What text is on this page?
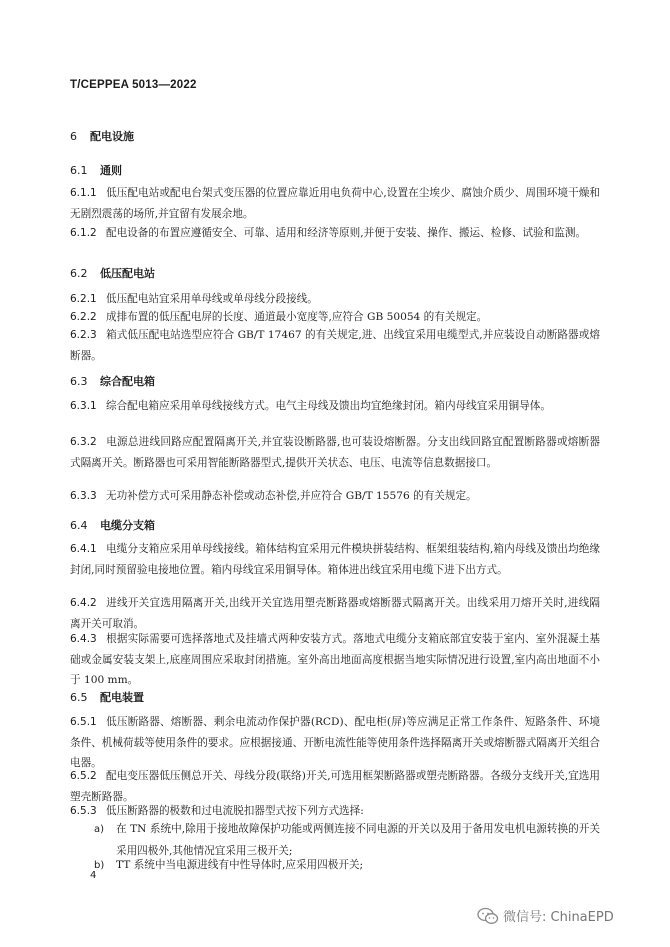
T/CEPPEA 5013—2022
6 配电设施
6.1 通则
6.1.1 低压配电站或配电台架式变压器的位置应靠近用电负荷中心,设置在尘埃少、腐蚀介质少、周围环境干燥和无剧烈震荡的场所,并宜留有发展余地。
6.1.2 配电设备的布置应遵循安全、可靠、适用和经济等原则,并便于安装、操作、搬运、检修、试验和监测。
6.2 低压配电站
6.2.1 低压配电站宜采用单母线或单母线分段接线。
6.2.2 成排布置的低压配电屏的长度、通道最小宽度等,应符合 GB 50054 的有关规定。
6.2.3 箱式低压配电站选型应符合 GB/T 17467 的有关规定,进、出线宜采用电缆型式,并应装设自动断路器或熔断器。
6.3 综合配电箱
6.3.1 综合配电箱应采用单母线接线方式。电气主母线及馈出均宜绝缘封闭。箱内母线宜采用铜导体。
6.3.2 电源总进线回路应配置隔离开关,并宜装设断路器,也可装设熔断器。分支出线回路宜配置断路器或熔断器式隔离开关。断路器也可采用智能断路器型式,提供开关状态、电压、电流等信息数据接口。
6.3.3 无功补偿方式可采用静态补偿或动态补偿,并应符合 GB/T 15576 的有关规定。
6.4 电缆分支箱
6.4.1 电缆分支箱应采用单母线接线。箱体结构宜采用元件模块拼装结构、框架组装结构,箱内母线及馈出均绝缘封闭,同时预留验电接地位置。箱内母线宜采用铜导体。箱体进出线宜采用电缆下进下出方式。
6.4.2 进线开关宜选用隔离开关,出线开关宜选用塑壳断路器或熔断器式隔离开关。出线采用刀熔开关时,进线隔离开关可取消。
6.4.3 根据实际需要可选择落地式及挂墙式两种安装方式。落地式电缆分支箱底部宜安装于室内、室外混凝土基础或金属安装支架上,底座周围应采取封闭措施。室外高出地面高度根据当地实际情况进行设置,室内高出地面不小于 100 mm。
6.5 配电装置
6.5.1 低压断路器、熔断器、剩余电流动作保护器(RCD)、配电柜(屏)等应满足正常工作条件、短路条件、环境条件、机械荷载等使用条件的要求。应根据接通、开断电流性能等使用条件选择隔离开关或熔断器式隔离开关组合电器。
6.5.2 配电变压器低压侧总开关、母线分段(联络)开关,可选用框架断路器或塑壳断路器。各级分支线开关,宜选用塑壳断路器。
6.5.3 低压断路器的极数和过电流脱扣器型式按下列方式选择:
a) 在 TN 系统中,除用于接地故障保护功能或两侧连接不同电源的开关以及用于备用发电机电源转换的开关采用四极外,其他情况宜采用三极开关;
b) TT 系统中当电源进线有中性导体时,应采用四极开关;
4
微信号: ChinaEPD
